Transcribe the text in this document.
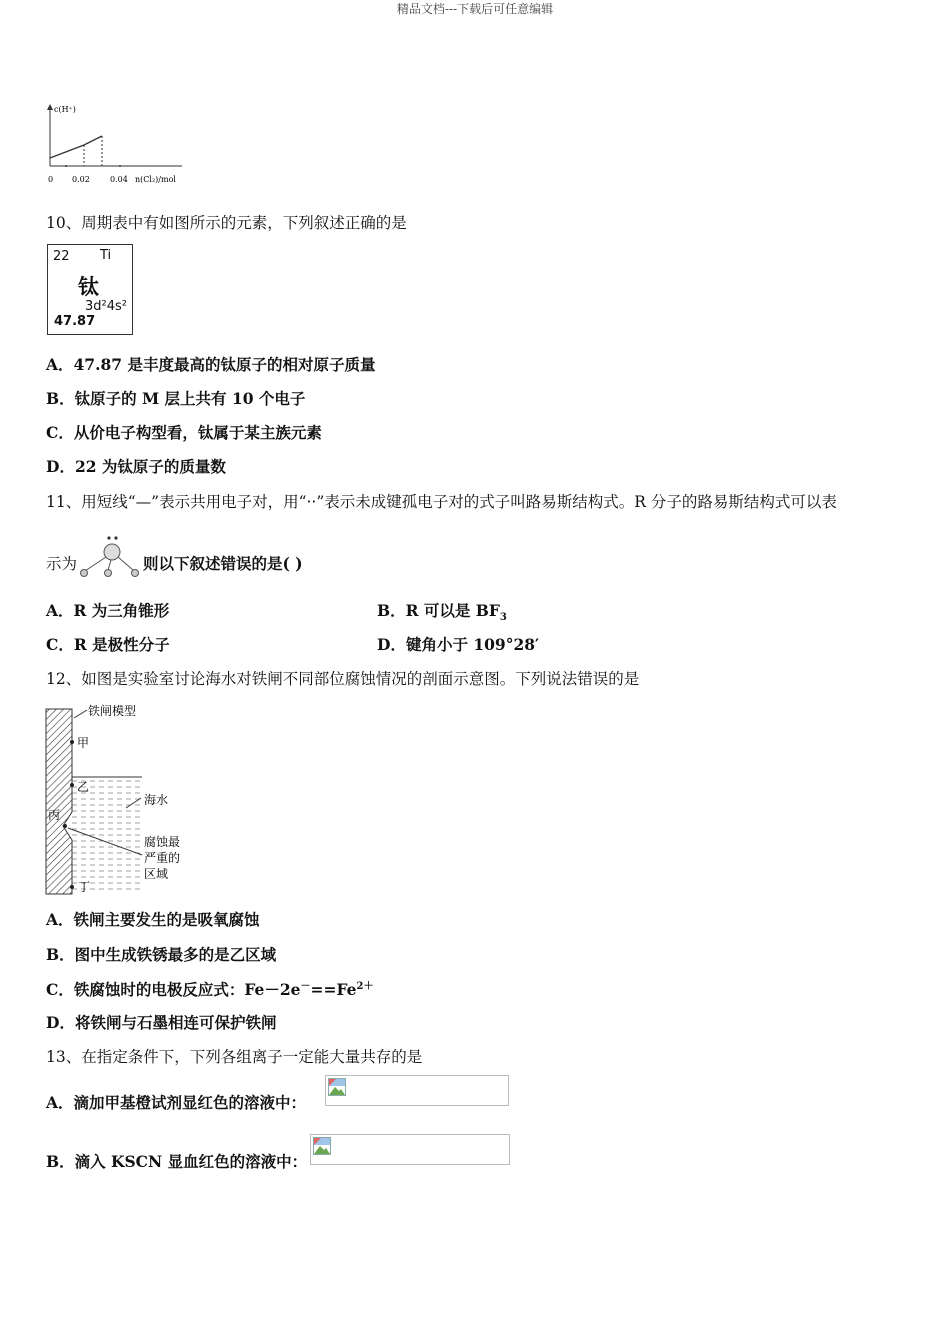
精品文档---下载后可任意编辑
c(H⁺)
0 0.02	0.04 n(Cl₂)/mol
10、周期表中有如图所示的元素，下列叙述正确的是
22 Ti
钛
3d²4s²
47.87
A．47.87 是丰度最高的钛原子的相对原子质量
B．钛原子的 M 层上共有 10 个电子
C．从价电子构型看，钛属于某主族元素
D．22 为钛原子的质量数
11、用短线“—”表示共用电子对，用“··”表示未成键孤电子对的式子叫路易斯结构式。R 分子的路易斯结构式可以表
示为	则以下叙述错误的是( )
A．R 为三角锥形	B．R 可以是 $BF_3$
C．R 是极性分子	D．键角小于 109°28′
12、如图是实验室讨论海水对铁闸不同部位腐蚀情况的剖面示意图。下列说法错误的是
铁闸模型
甲
乙
丙
丁
海水
腐蚀最
严重的
区域
A．铁闸主要发生的是吸氧腐蚀
B．图中生成铁锈最多的是乙区域
C．铁腐蚀时的电极反应式：$Fe-2e^-==Fe^{2+}$
D．将铁闸与石墨相连可保护铁闸
13、在指定条件下，下列各组离子一定能大量共存的是
A．滴加甲基橙试剂显红色的溶液中：
B．滴入 KSCN 显血红色的溶液中：
